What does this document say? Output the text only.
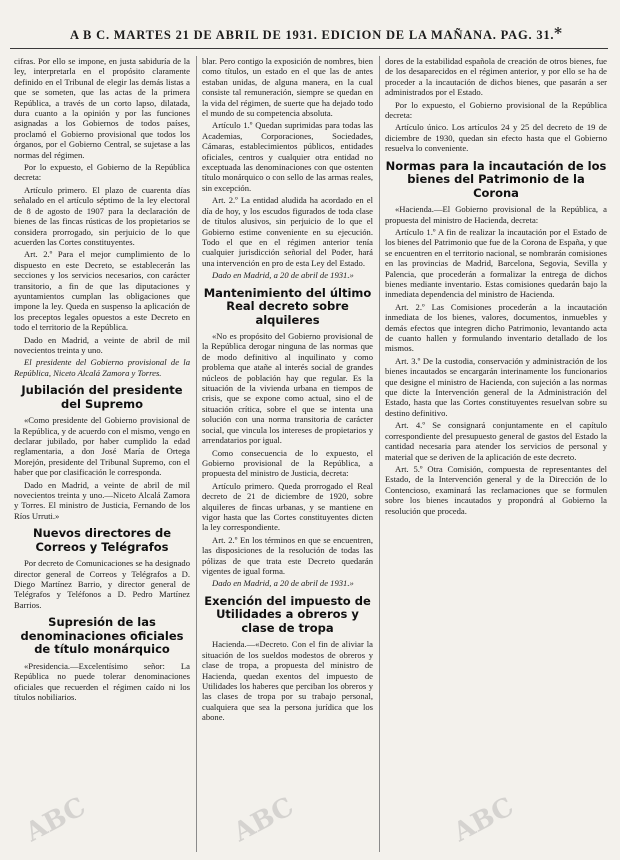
A B C. MARTES 21 DE ABRIL DE 1931. EDICION DE LA MAÑANA. PAG. 31. *

cifras. Por ello se impone, en justa sabiduría de la ley, interpretarla en el propósito claramente definido en el Tribunal de elegir las demás listas a que se someten, que las actas de la primera República, a través de un corto lapso, dilatada, dura cuanto a la opinión y por las funciones asignadas a los Gobiernos de todos países, proclamó el Gobierno provisional que todos los órganos, por el Gobierno Central, se sujetase a las normas del régimen.

Por lo expuesto, el Gobierno de la República decreta:

Artículo primero. El plazo de cuarenta días señalado en el artículo séptimo de la ley electoral de 8 de agosto de 1907 para la declaración de bienes de las fincas rústicas de los propietarios se considera prorrogado, sin perjuicio de lo que acuerden las Cortes constituyentes.

Art. 2.º Para el mejor cumplimiento de lo dispuesto en este Decreto, se establecerán las secciones y los servicios necesarios, con carácter transitorio, a fin de que las diputaciones y ayuntamientos cumplan las obligaciones que impone la ley. Queda en suspenso la aplicación de los preceptos legales opuestos a este Decreto en todo el territorio de la República.

Dado en Madrid, a veinte de abril de mil novecientos treinta y uno.

El presidente del Gobierno provisional de la República, Niceto Alcalá Zamora y Torres.

Jubilación del presidente del Supremo

«Como presidente del Gobierno provisional de la República, y de acuerdo con el mismo, vengo en declarar jubilado, por haber cumplido la edad reglamentaria, a don José María de Ortega Morejón, presidente del Tribunal Supremo, con el haber que por clasificación le corresponda.

Dado en Madrid, a veinte de abril de mil novecientos treinta y uno.—Niceto Alcalá Zamora y Torres. El ministro de Justicia, Fernando de los Ríos Urruti.»

Nuevos directores de Correos y Telégrafos

Por decreto de Comunicaciones se ha designado director general de Correos y Telégrafos a D. Diego Martínez Barrio, y director general de Telégrafos y Teléfonos a D. Pedro Martínez Barrios.

Supresión de las denominaciones oficiales de título monárquico

«Presidencia.—Excelentísimo señor: La República no puede tolerar denominaciones oficiales que recuerden el régimen caído ni los títulos nobiliarios.

blar. Pero contigo la exposición de nombres, bien como títulos, un estado en el que las de antes estaban unidas, de alguna manera, en la cual consiste tal remuneración, siempre se quedan en la vida del régimen, de suerte que ha dejado todo el mundo de su competencia absoluta.

Artículo 1.º Quedan suprimidas para todas las Academias, Corporaciones, Sociedades, Cámaras, establecimientos públicos, entidades oficiales, centros y cualquier otra entidad no exceptuada las denominaciones con que ostenten título monárquico o con sello de las armas reales, sin excepción.

Art. 2.º La entidad aludida ha acordado en el día de hoy, y los escudos figurados de toda clase de títulos alusivos, sin perjuicio de lo que el Gobierno estime conveniente en su ejecución. Todo el que en el régimen anterior tenía cualquier jurisdicción señorial del Poder, hará una intervención en pro de esta Ley del Estado.

Dado en Madrid, a 20 de abril de 1931.»

Mantenimiento del último Real decreto sobre alquileres

«No es propósito del Gobierno provisional de la República derogar ninguna de las normas que de modo definitivo al inquilinato y como problema que atañe al interés social de grandes núcleos de población hay que regular. Es la situación de la vivienda urbana en tiempos de crisis, que se expone como actual, sino el de situación crítica, sobre el que se intenta una solución con una norma transitoria de carácter social, que vincula los intereses de propietarios y arrendatarios por igual.

Como consecuencia de lo expuesto, el Gobierno provisional de la República, a propuesta del ministro de Justicia, decreta:

Artículo primero. Queda prorrogado el Real decreto de 21 de diciembre de 1920, sobre alquileres de fincas urbanas, y se mantiene en vigor hasta que las Cortes constituyentes dicten la ley correspondiente.

Art. 2.º En los términos en que se encuentren, las disposiciones de la resolución de todas las pólizas de que trata este Decreto quedarán vigentes de igual forma.

Dado en Madrid, a 20 de abril de 1931.»

Exención del impuesto de Utilidades a obreros y clase de tropa

Hacienda.—«Decreto. Con el fin de aliviar la situación de los sueldos modestos de obreros y clase de tropa, a propuesta del ministro de Hacienda, quedan exentos del impuesto de Utilidades los haberes que perciban los obreros y las clases de tropa por su trabajo personal, cualquiera que sea la persona jurídica que los abone.

dores de la estabilidad española de creación de otros bienes, fue de los desaparecidos en el régimen anterior, y por ello se ha de proceder a la incautación de dichos bienes, que pasarán a ser administrados por el Estado.

Por lo expuesto, el Gobierno provisional de la República decreta:

Artículo único. Los artículos 24 y 25 del decreto de 19 de diciembre de 1930, quedan sin efecto hasta que el Gobierno resuelva lo conveniente.

Normas para la incautación de los bienes del Patrimonio de la Corona

«Hacienda.—El Gobierno provisional de la República, a propuesta del ministro de Hacienda, decreta:

Artículo 1.º A fin de realizar la incautación por el Estado de los bienes del Patrimonio que fue de la Corona de España, y que se encuentren en el territorio nacional, se nombrarán comisiones en las provincias de Madrid, Barcelona, Segovia, Sevilla y Palencia, que procederán a formalizar la entrega de dichos bienes mediante inventario. Estas comisiones quedarán bajo la inmediata dependencia del ministro de Hacienda.

Art. 2.º Las Comisiones procederán a la incautación inmediata de los bienes, valores, documentos, inmuebles y demás efectos que integren dicho Patrimonio, levantando acta de cuanto hallen y formulando inventario detallado de los mismos.

Art. 3.º De la custodia, conservación y administración de los bienes incautados se encargarán interinamente los funcionarios que designe el ministro de Hacienda, con sujeción a las normas que dicte la Intervención general de la Administración del Estado, hasta que las Cortes constituyentes resuelvan sobre su destino definitivo.

Art. 4.º Se consignará conjuntamente en el capítulo correspondiente del presupuesto general de gastos del Estado la cantidad necesaria para atender los servicios de personal y material que se deriven de la aplicación de este decreto.

Art. 5.º Otra Comisión, compuesta de representantes del Estado, de la Intervención general y de la Dirección de lo Contencioso, examinará las reclamaciones que se formulen sobre los bienes incautados y propondrá al Gobierno la resolución que proceda.

ABC	ABC	ABC
